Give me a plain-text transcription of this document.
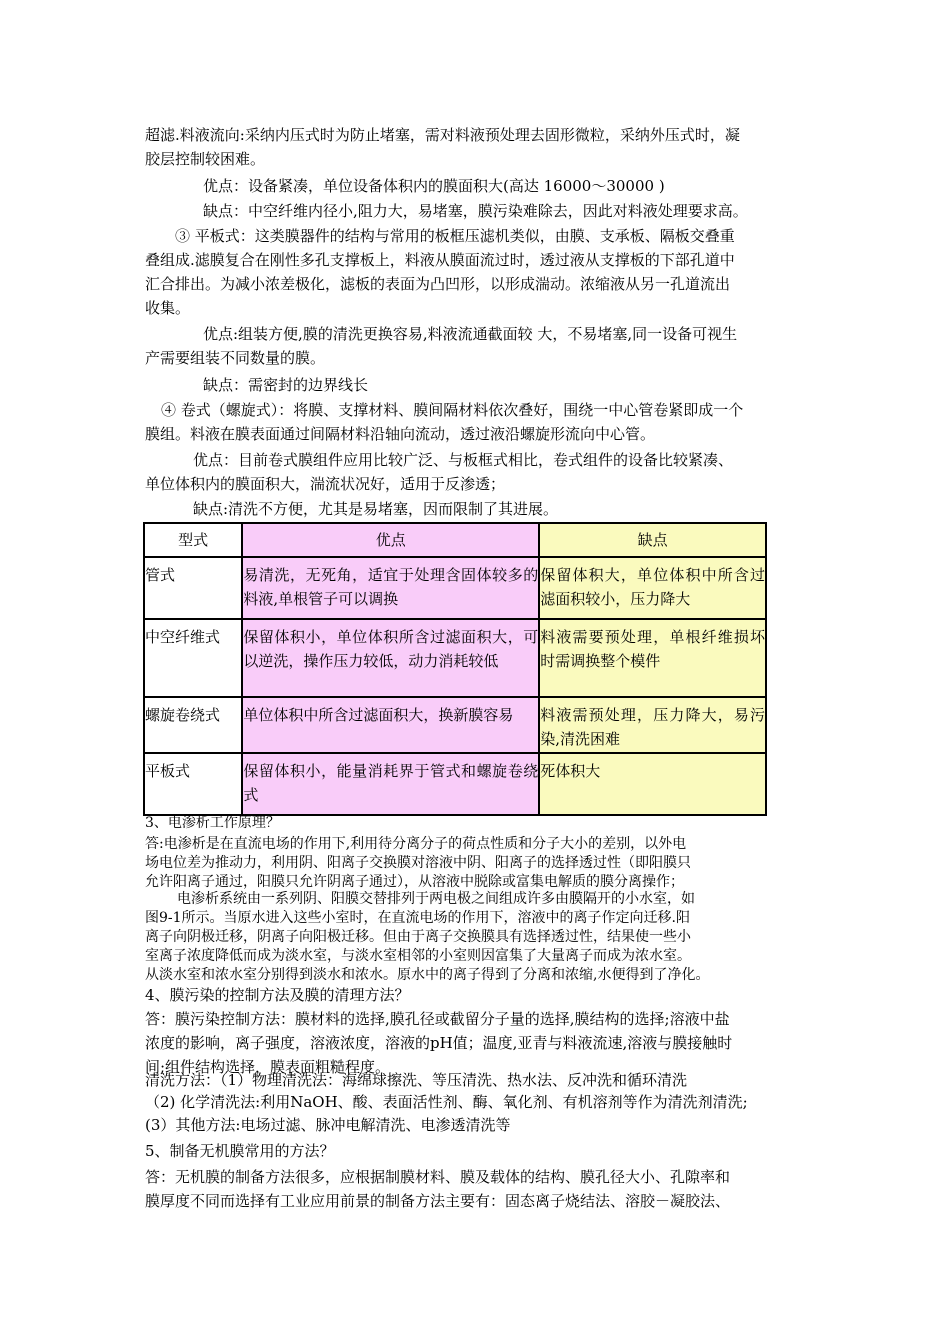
超滤.料液流向:采纳内压式时为防止堵塞，需对料液预处理去固形微粒，采纳外压式时，凝
胶层控制较困难。
优点：设备紧凑，单位设备体积内的膜面积大(高达 16000～30000 )
缺点：中空纤维内径小,阻力大，易堵塞，膜污染难除去，因此对料液处理要求高。
③ 平板式：这类膜器件的结构与常用的板框压滤机类似，由膜、支承板、隔板交叠重
叠组成.滤膜复合在刚性多孔支撑板上，料液从膜面流过时，透过液从支撑板的下部孔道中
汇合排出。为减小浓差极化，滤板的表面为凸凹形，以形成湍动。浓缩液从另一孔道流出
收集。
优点:组装方便,膜的清洗更换容易,料液流通截面较 大，不易堵塞,同一设备可视生
产需要组装不同数量的膜。
缺点：需密封的边界线长
④ 卷式（螺旋式）：将膜、支撑材料、膜间隔材料依次叠好，围绕一中心管卷紧即成一个
膜组。料液在膜表面通过间隔材料沿轴向流动，透过液沿螺旋形流向中心管。
优点：目前卷式膜组件应用比较广泛、与板框式相比，卷式组件的设备比较紧凑、
单位体积内的膜面积大，湍流状况好，适用于反渗透；
缺点:清洗不方便，尤其是易堵塞，因而限制了其进展。
型式	优点	缺点

管式	易清洗，无死角，适宜于处理含固体较多的料液,单根管子可以调换	保留体积大，单位体积中所含过滤面积较小，压力降大

中空纤维式	保留体积小，单位体积所含过滤面积大，可以逆洗，操作压力较低，动力消耗较低	料液需要预处理，单根纤维损坏时需调换整个模件

螺旋卷绕式	单位体积中所含过滤面积大，换新膜容易	料液需预处理，压力降大，易污染,清洗困难

平板式	保留体积小，能量消耗界于管式和螺旋卷绕式	死体积大
3、电渗析工作原理？
答:电渗析是在直流电场的作用下,利用待分离分子的荷点性质和分子大小的差别，以外电
场电位差为推动力，利用阴、阳离子交换膜对溶液中阴、阳离子的选择透过性（即阳膜只
允许阳离子通过，阳膜只允许阴离子通过），从溶液中脱除或富集电解质的膜分离操作；
电渗析系统由一系列阴、阳膜交替排列于两电极之间组成许多由膜隔开的小水室，如
图9-1所示。当原水进入这些小室时，在直流电场的作用下，溶液中的离子作定向迁移.阳
离子向阴极迁移，阴离子向阳极迁移。但由于离子交换膜具有选择透过性，结果使一些小
室离子浓度降低而成为淡水室，与淡水室相邻的小室则因富集了大量离子而成为浓水室。
从淡水室和浓水室分别得到淡水和浓水。原水中的离子得到了分离和浓缩,水便得到了净化。
4、膜污染的控制方法及膜的清理方法？
答：膜污染控制方法：膜材料的选择,膜孔径或截留分子量的选择,膜结构的选择;溶液中盐
浓度的影响，离子强度，溶液浓度，溶液的pH值；温度,亚青与料液流速,溶液与膜接触时
间;组件结构选择，膜表面粗糙程度。
清洗方法：（1）物理清洗法：海绵球擦洗、等压清洗、热水法、反冲洗和循环清洗
（2) 化学清洗法:利用NaOH、酸、表面活性剂、酶、氧化剂、有机溶剂等作为清洗剂清洗;
(3）其他方法:电场过滤、脉冲电解清洗、电渗透清洗等
5、制备无机膜常用的方法？
答：无机膜的制备方法很多，应根据制膜材料、膜及载体的结构、膜孔径大小、孔隙率和
膜厚度不同而选择有工业应用前景的制备方法主要有：固态离子烧结法、溶胶－凝胶法、
